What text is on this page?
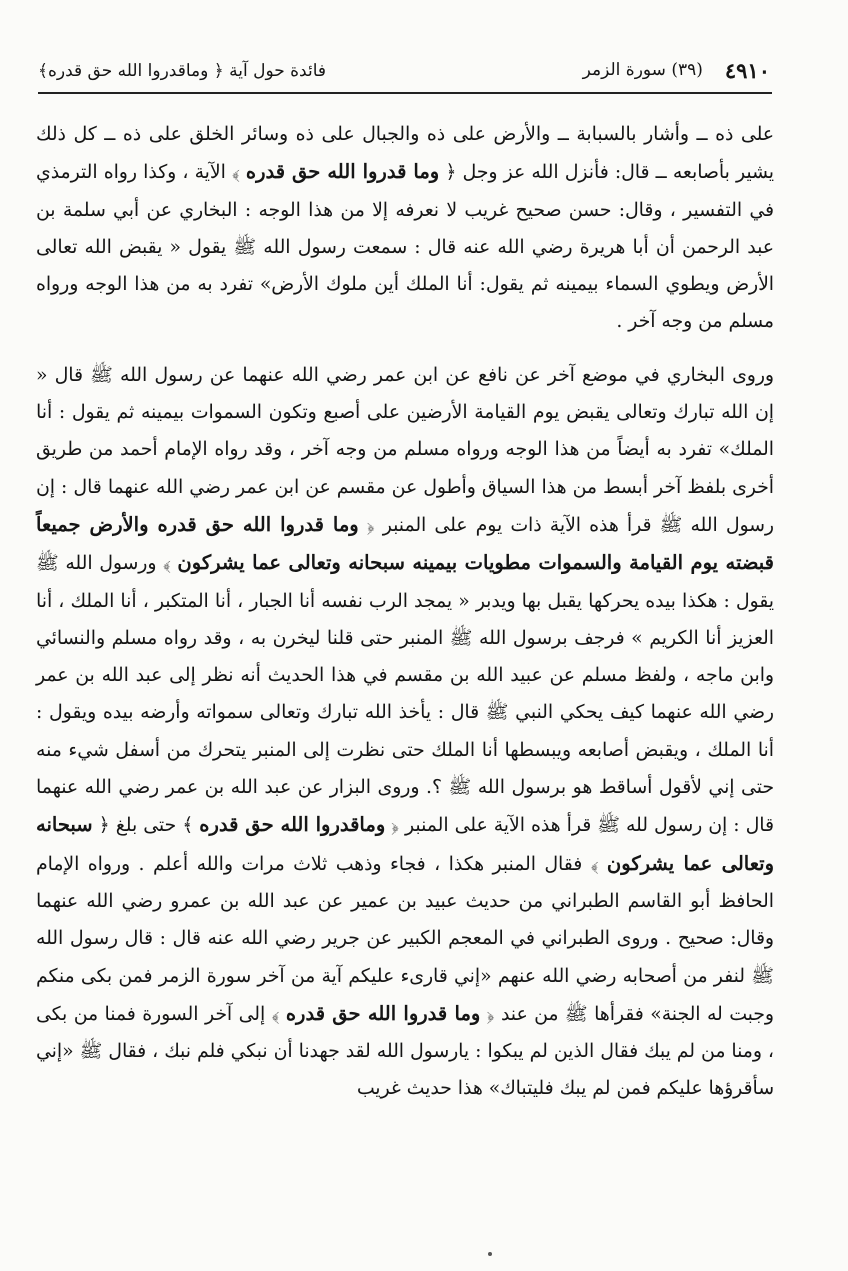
٤٩١٠
(٣٩) سورة الزمر
فائدة حول آية ﴿ وماقدروا الله حق قدره﴾

على ذه ــ وأشار بالسبابة ــ والأرض على ذه والجبال على ذه وسائر الخلق على ذه ــ كل ذلك يشير بأصابعه ــ قال: فأنزل الله عز وجل ﴿ وما قدروا الله حق قدره ﴾ الآية ، وكذا رواه الترمذي في التفسير ، وقال: حسن صحيح غريب لا نعرفه إلا من هذا الوجه : البخاري عن أبي سلمة بن عبد الرحمن أن أبا هريرة رضي الله عنه قال : سمعت رسول الله ﷺ يقول « يقبض الله تعالى الأرض ويطوي السماء بيمينه ثم يقول: أنا الملك أين ملوك الأرض» تفرد به من هذا الوجه ورواه مسلم من وجه آخر .

وروى البخاري في موضع آخر عن نافع عن ابن عمر رضي الله عنهما عن رسول الله ﷺ قال « إن الله تبارك وتعالى يقبض يوم القيامة الأرضين على أصبع وتكون السموات بيمينه ثم يقول : أنا الملك» تفرد به أيضاً من هذا الوجه ورواه مسلم من وجه آخر ، وقد رواه الإمام أحمد من طريق أخرى بلفظ آخر أبسط من هذا السياق وأطول عن مقسم عن ابن عمر رضي الله عنهما قال : إن رسول الله ﷺ قرأ هذه الآية ذات يوم على المنبر ﴿ وما قدروا الله حق قدره والأرض جميعاً قبضته يوم القيامة والسموات مطويات بيمينه سبحانه وتعالى عما يشركون ﴾ ورسول الله ﷺ يقول : هكذا بيده يحركها يقبل بها ويدبر « يمجد الرب نفسه أنا الجبار ، أنا المتكبر ، أنا الملك ، أنا العزيز أنا الكريم » فرجف برسول الله ﷺ المنبر حتى قلنا ليخرن به ، وقد رواه مسلم والنسائي وابن ماجه ، ولفظ مسلم عن عبيد الله بن مقسم في هذا الحديث أنه نظر إلى عبد الله بن عمر رضي الله عنهما كيف يحكي النبي ﷺ قال : يأخذ الله تبارك وتعالى سمواته وأرضه بيده ويقول : أنا الملك ، ويقبض أصابعه ويبسطها أنا الملك حتى نظرت إلى المنبر يتحرك من أسفل شيء منه حتى إني لأقول أساقط هو برسول الله ﷺ ؟. وروى البزار عن عبد الله بن عمر رضي الله عنهما قال : إن رسول لله ﷺ قرأ هذه الآية على المنبر ﴿ وماقدروا الله حق قدره ﴾ حتى بلغ ﴿ سبحانه وتعالى عما يشركون ﴾ فقال المنبر هكذا ، فجاء وذهب ثلاث مرات والله أعلم . ورواه الإمام الحافظ أبو القاسم الطبراني من حديث عبيد بن عمير عن عبد الله بن عمرو رضي الله عنهما وقال: صحيح . وروى الطبراني في المعجم الكبير عن جرير رضي الله عنه قال : قال رسول الله ﷺ لنفر من أصحابه رضي الله عنهم «إني قارىء عليكم آية من آخر سورة الزمر فمن بكى منكم وجبت له الجنة» فقرأها ﷺ من عند ﴿ وما قدروا الله حق قدره ﴾ إلى آخر السورة فمنا من بكى ، ومنا من لم يبك فقال الذين لم يبكوا : يارسول الله لقد جهدنا أن نبكي فلم نبك ، فقال ﷺ «إني سأقرؤها عليكم فمن لم يبك فليتباك» هذا حديث غريب
